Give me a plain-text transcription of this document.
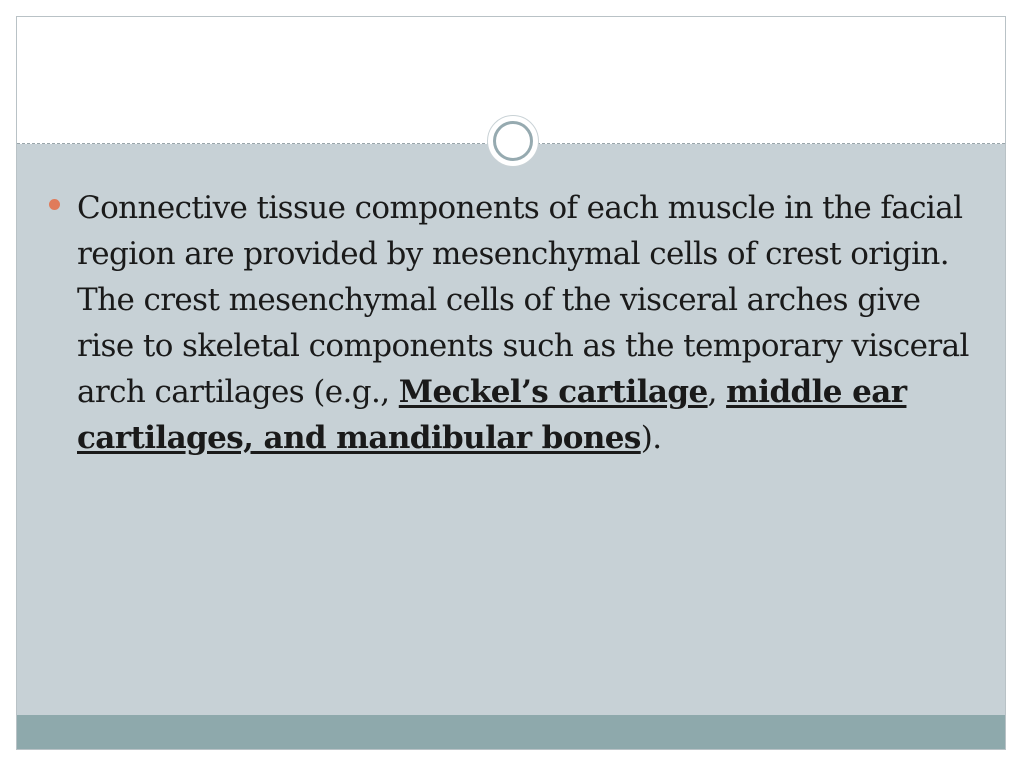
Connective tissue components of each muscle in the facial region are provided by mesenchymal cells of crest origin. The crest mesenchymal cells of the visceral arches give rise to skeletal components such as the temporary visceral arch cartilages (e.g., Meckel’s cartilage, middle ear cartilages, and mandibular bones).
